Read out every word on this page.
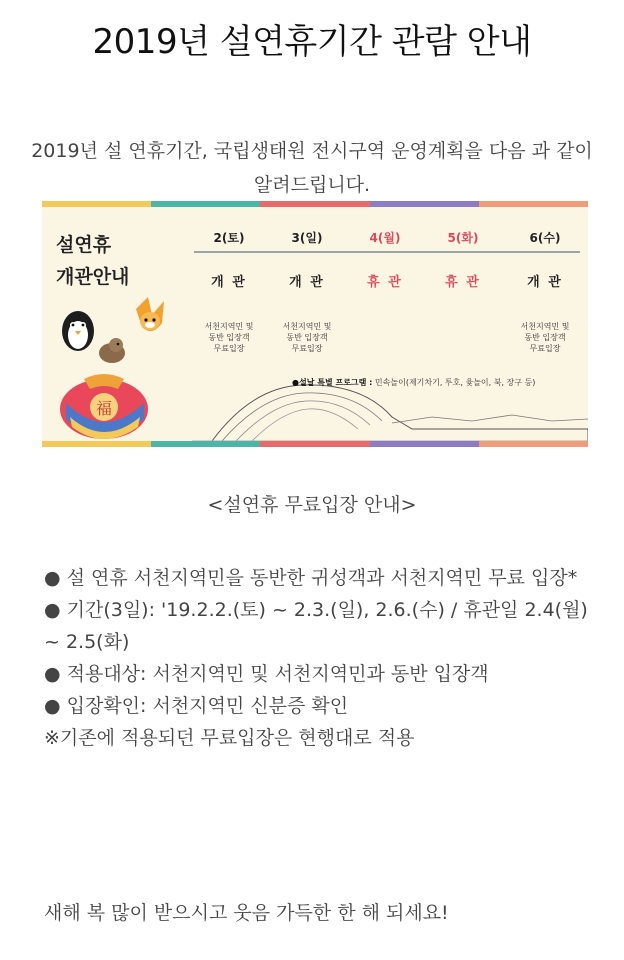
2019년 설연휴기간 관람 안내
2019년 설 연휴기간, 국립생태원 전시구역 운영계획을 다음 과 같이 알려드립니다.
설연휴
개관안내
2(토)
개 관
서천지역민 및
동반 입장객
무료입장
3(일)
개 관
서천지역민 및
동반 입장객
무료입장
4(월)
휴 관
5(화)
휴 관
6(수)
개 관
서천지역민 및
동반 입장객
무료입장
福
●설날 특별 프로그램 : 민속놀이(제기차기, 투호, 윷놀이, 북, 장구 등)
<설연휴 무료입장 안내>
● 설 연휴 서천지역민을 동반한 귀성객과 서천지역민 무료 입장*
● 기간(3일): '19.2.2.(토) ~ 2.3.(일), 2.6.(수) / 휴관일 2.4(월) ~ 2.5(화)
● 적용대상: 서천지역민 및 서천지역민과 동반 입장객
● 입장확인: 서천지역민 신분증 확인
※기존에 적용되던 무료입장은 현행대로 적용
새해 복 많이 받으시고 웃음 가득한 한 해 되세요!
